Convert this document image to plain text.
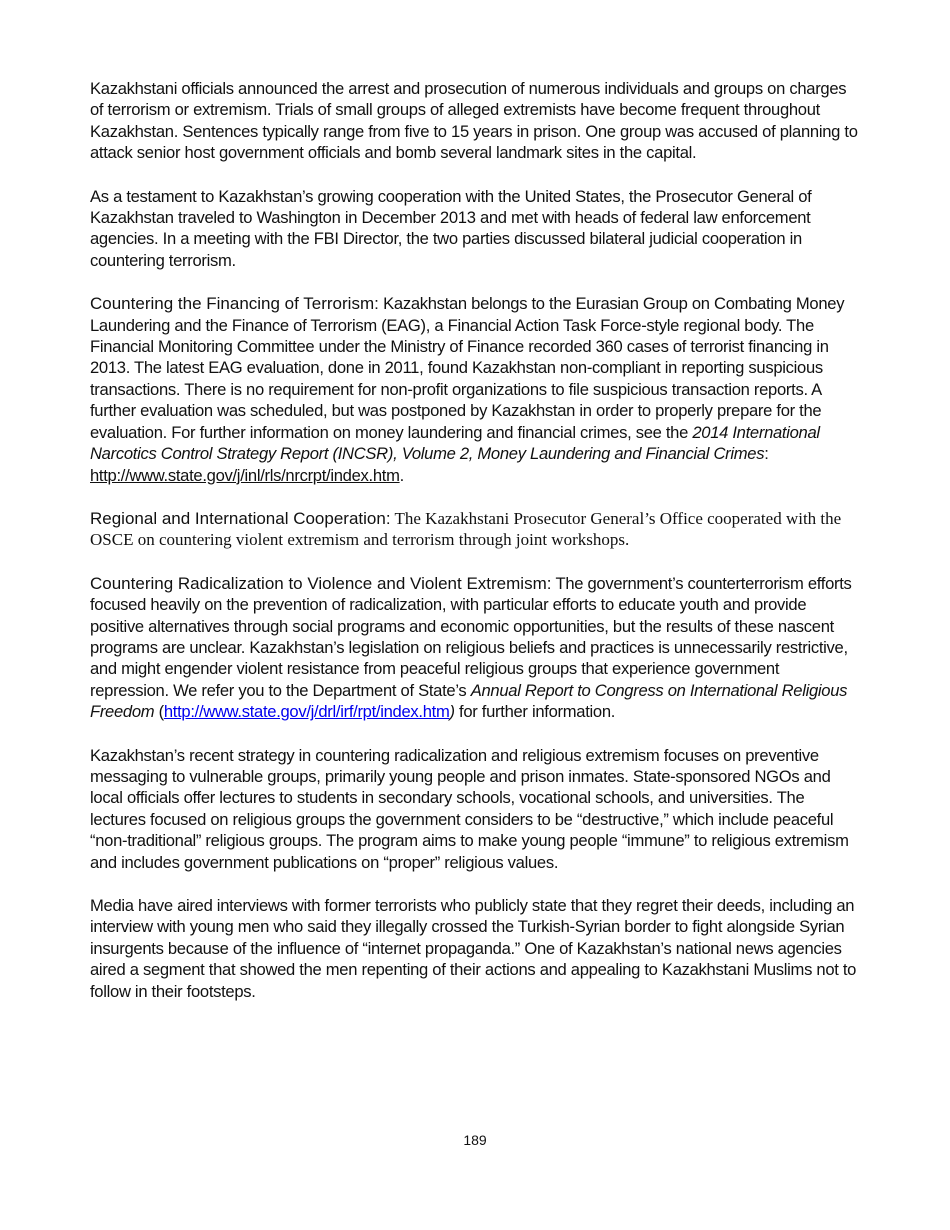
Kazakhstani officials announced the arrest and prosecution of numerous individuals and groups on charges of terrorism or extremism. Trials of small groups of alleged extremists have become frequent throughout Kazakhstan. Sentences typically range from five to 15 years in prison. One group was accused of planning to attack senior host government officials and bomb several landmark sites in the capital.

As a testament to Kazakhstan’s growing cooperation with the United States, the Prosecutor General of Kazakhstan traveled to Washington in December 2013 and met with heads of federal law enforcement agencies. In a meeting with the FBI Director, the two parties discussed bilateral judicial cooperation in countering terrorism.

Countering the Financing of Terrorism: Kazakhstan belongs to the Eurasian Group on Combating Money Laundering and the Finance of Terrorism (EAG), a Financial Action Task Force-style regional body. The Financial Monitoring Committee under the Ministry of Finance recorded 360 cases of terrorist financing in 2013. The latest EAG evaluation, done in 2011, found Kazakhstan non-compliant in reporting suspicious transactions. There is no requirement for non-profit organizations to file suspicious transaction reports. A further evaluation was scheduled, but was postponed by Kazakhstan in order to properly prepare for the evaluation. For further information on money laundering and financial crimes, see the 2014 International Narcotics Control Strategy Report (INCSR), Volume 2, Money Laundering and Financial Crimes: http://www.state.gov/j/inl/rls/nrcrpt/index.htm.

Regional and International Cooperation: The Kazakhstani Prosecutor General’s Office cooperated with the OSCE on countering violent extremism and terrorism through joint workshops.

Countering Radicalization to Violence and Violent Extremism: The government’s counterterrorism efforts focused heavily on the prevention of radicalization, with particular efforts to educate youth and provide positive alternatives through social programs and economic opportunities, but the results of these nascent programs are unclear. Kazakhstan’s legislation on religious beliefs and practices is unnecessarily restrictive, and might engender violent resistance from peaceful religious groups that experience government repression. We refer you to the Department of State’s Annual Report to Congress on International Religious Freedom (http://www.state.gov/j/drl/irf/rpt/index.htm) for further information.

Kazakhstan’s recent strategy in countering radicalization and religious extremism focuses on preventive messaging to vulnerable groups, primarily young people and prison inmates. State-sponsored NGOs and local officials offer lectures to students in secondary schools, vocational schools, and universities. The lectures focused on religious groups the government considers to be “destructive,” which include peaceful “non-traditional” religious groups. The program aims to make young people “immune” to religious extremism and includes government publications on “proper” religious values.

Media have aired interviews with former terrorists who publicly state that they regret their deeds, including an interview with young men who said they illegally crossed the Turkish-Syrian border to fight alongside Syrian insurgents because of the influence of “internet propaganda.” One of Kazakhstan’s national news agencies aired a segment that showed the men repenting of their actions and appealing to Kazakhstani Muslims not to follow in their footsteps.

189
